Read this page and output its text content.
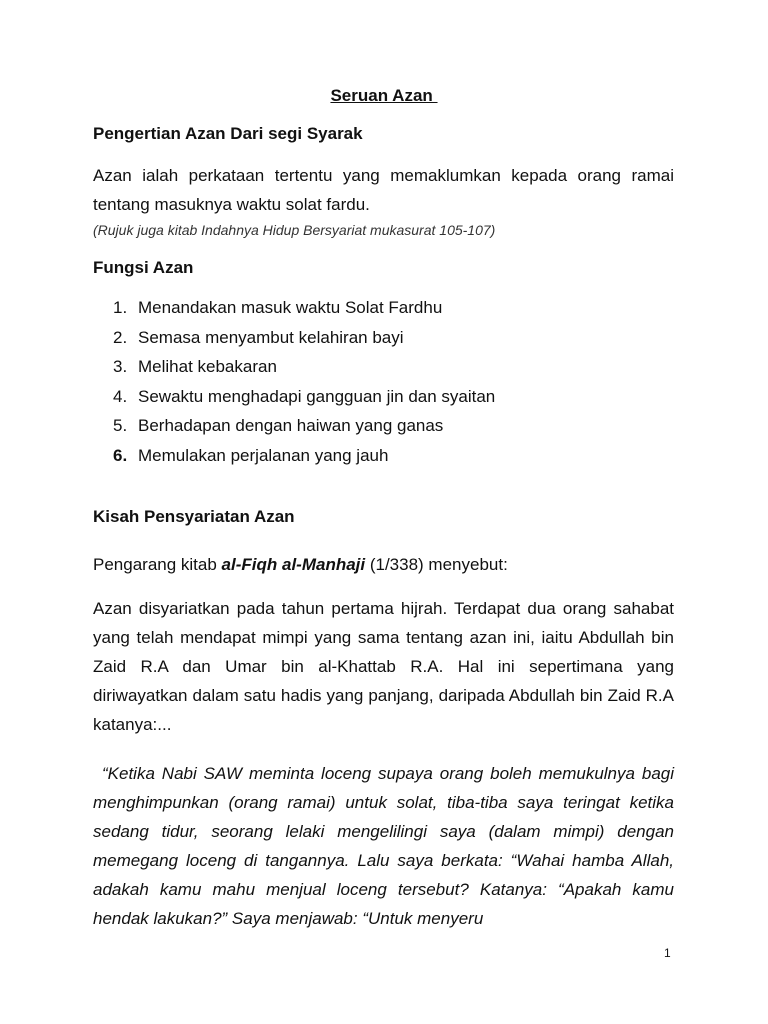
Seruan Azan
Pengertian Azan Dari segi Syarak
Azan ialah perkataan tertentu yang memaklumkan kepada orang ramai tentang masuknya waktu solat fardu.
(Rujuk juga kitab Indahnya Hidup Bersyariat mukasurat 105-107)
Fungsi Azan
1. Menandakan masuk waktu Solat Fardhu
2. Semasa menyambut kelahiran bayi
3. Melihat kebakaran
4. Sewaktu menghadapi gangguan jin dan syaitan
5. Berhadapan dengan haiwan yang ganas
6. Memulakan perjalanan yang jauh
Kisah Pensyariatan Azan
Pengarang kitab al-Fiqh al-Manhaji (1/338) menyebut:
Azan disyariatkan pada tahun pertama hijrah. Terdapat dua orang sahabat yang telah mendapat mimpi yang sama tentang azan ini, iaitu Abdullah bin Zaid R.A dan Umar bin al-Khattab R.A. Hal ini sepertimana yang diriwayatkan dalam satu hadis yang panjang, daripada Abdullah bin Zaid R.A katanya:...
“Ketika Nabi SAW meminta loceng supaya orang boleh memukulnya bagi menghimpunkan (orang ramai) untuk solat, tiba-tiba saya teringat ketika sedang tidur, seorang lelaki mengelilingi saya (dalam mimpi) dengan memegang loceng di tangannya. Lalu saya berkata: “Wahai hamba Allah, adakah kamu mahu menjual loceng tersebut? Katanya: “Apakah kamu hendak lakukan?” Saya menjawab: “Untuk menyeru
1
